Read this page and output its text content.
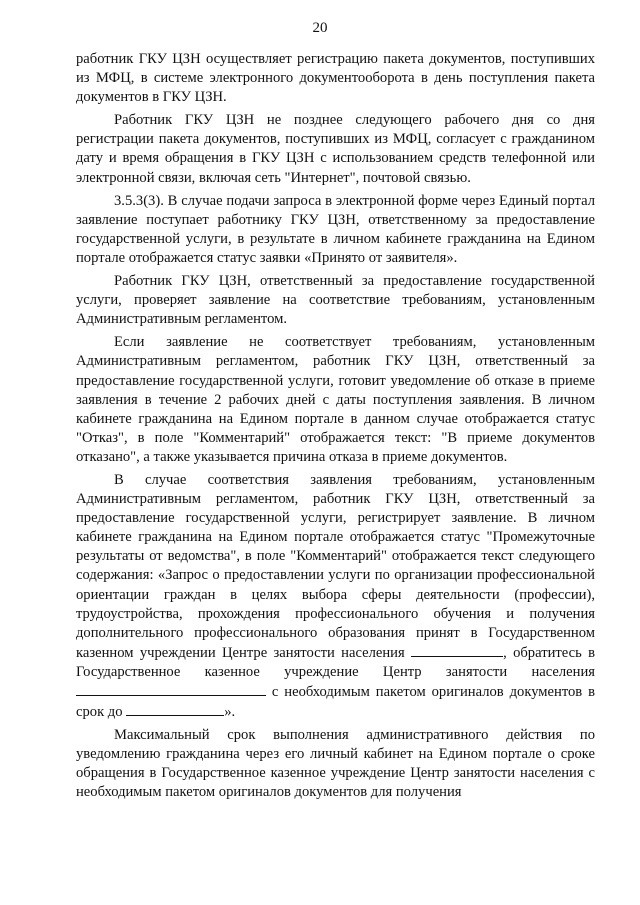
20

работник ГКУ ЦЗН осуществляет регистрацию пакета документов, поступивших из МФЦ, в системе электронного документооборота в день поступления пакета документов в ГКУ ЦЗН.

Работник ГКУ ЦЗН не позднее следующего рабочего дня со дня регистрации пакета документов, поступивших из МФЦ, согласует с гражданином дату и время обращения в ГКУ ЦЗН с использованием средств телефонной или электронной связи, включая сеть "Интернет", почтовой связью.

3.5.3(3). В случае подачи запроса в электронной форме через Единый портал заявление поступает работнику ГКУ ЦЗН, ответственному за предоставление государственной услуги, в результате в личном кабинете гражданина на Едином портале отображается статус заявки «Принято от заявителя».

Работник ГКУ ЦЗН, ответственный за предоставление государственной услуги, проверяет заявление на соответствие требованиям, установленным Административным регламентом.

Если заявление не соответствует требованиям, установленным Административным регламентом, работник ГКУ ЦЗН, ответственный за предоставление государственной услуги, готовит уведомление об отказе в приеме заявления в течение 2 рабочих дней с даты поступления заявления. В личном кабинете гражданина на Едином портале в данном случае отображается статус "Отказ", в поле "Комментарий" отображается текст: "В приеме документов отказано", а также указывается причина отказа в приеме документов.

В случае соответствия заявления требованиям, установленным Административным регламентом, работник ГКУ ЦЗН, ответственный за предоставление государственной услуги, регистрирует заявление. В личном кабинете гражданина на Едином портале отображается статус "Промежуточные результаты от ведомства", в поле "Комментарий" отображается текст следующего содержания: «Запрос о предоставлении услуги по организации профессиональной ориентации граждан в целях выбора сферы деятельности (профессии), трудоустройства, прохождения профессионального обучения и получения дополнительного профессионального образования принят в Государственном казенном учреждении Центре занятости населения	, обратитесь в Государственное казенное учреждение Центр занятости населения  с необходимым пакетом оригиналов документов в срок до	».

Максимальный срок выполнения административного действия по уведомлению гражданина через его личный кабинет на Едином портале о сроке обращения в Государственное казенное учреждение Центр занятости населения с необходимым пакетом оригиналов документов для получения
